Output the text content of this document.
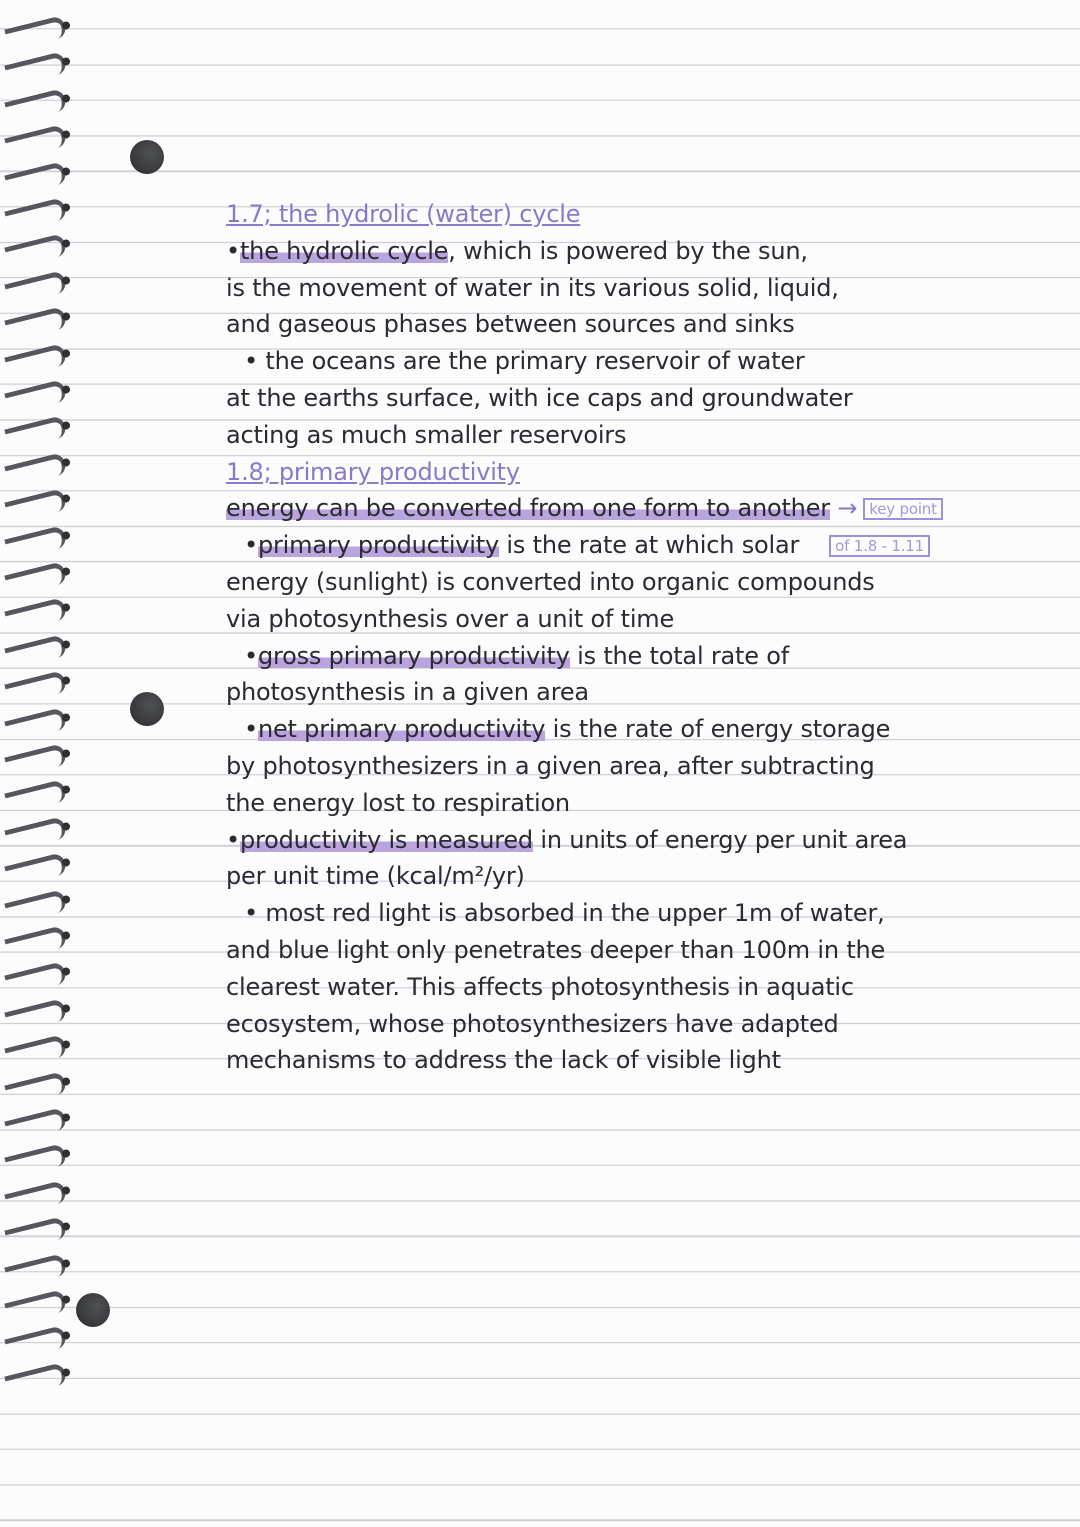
1.7; the hydrolic (water) cycle
•the hydrolic cycle, which is powered by the sun,
is the movement of water in its various solid, liquid,
and gaseous phases between sources and sinks
• the oceans are the primary reservoir of water
at the earths surface, with ice caps and groundwater
acting as much smaller reservoirs
1.8; primary productivity
energy can be converted from one form to another → key point
•primary productivity is the rate at which solar of 1.8 - 1.11
energy (sunlight) is converted into organic compounds
via photosynthesis over a unit of time
•gross primary productivity is the total rate of
photosynthesis in a given area
•net primary productivity is the rate of energy storage
by photosynthesizers in a given area, after subtracting
the energy lost to respiration
•productivity is measured in units of energy per unit area
per unit time (kcal/m²/yr)
• most red light is absorbed in the upper 1m of water,
and blue light only penetrates deeper than 100m in the
clearest water. This affects photosynthesis in aquatic
ecosystem, whose photosynthesizers have adapted
mechanisms to address the lack of visible light
